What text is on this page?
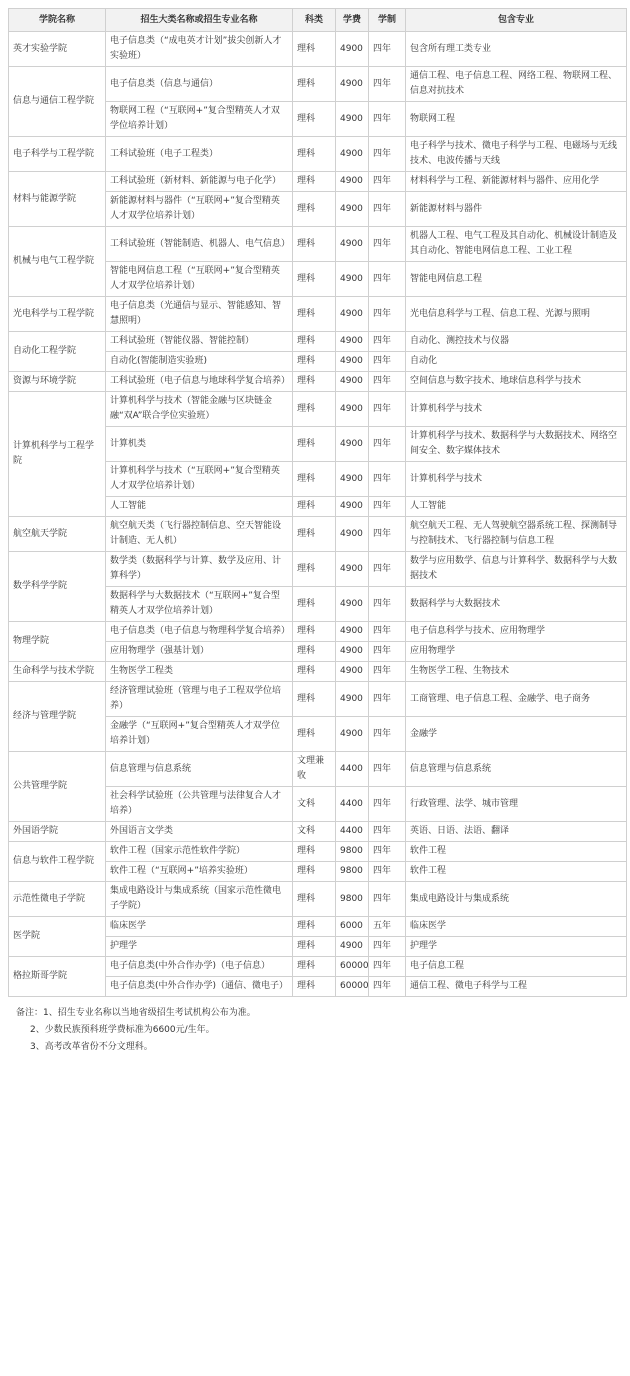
学院名称	招生大类名称或招生专业名称	科类	学费	学制	包含专业
英才实验学院	电子信息类（“成电英才计划”拔尖创新人才实验班）	理科	4900	四年	包含所有理工类专业
信息与通信工程学院	电子信息类（信息与通信）	理科	4900	四年	通信工程、电子信息工程、网络工程、物联网工程、信息对抗技术
	物联网工程（“互联网+”复合型精英人才双学位培养计划）	理科	4900	四年	物联网工程
电子科学与工程学院	工科试验班（电子工程类）	理科	4900	四年	电子科学与技术、微电子科学与工程、电磁场与无线技术、电波传播与天线
材料与能源学院	工科试验班（新材料、新能源与电子化学）	理科	4900	四年	材料科学与工程、新能源材料与器件、应用化学
	新能源材料与器件（“互联网+”复合型精英人才双学位培养计划）	理科	4900	四年	新能源材料与器件
机械与电气工程学院	工科试验班（智能制造、机器人、电气信息）	理科	4900	四年	机器人工程、电气工程及其自动化、机械设计制造及其自动化、智能电网信息工程、工业工程
	智能电网信息工程（“互联网+”复合型精英人才双学位培养计划）	理科	4900	四年	智能电网信息工程
光电科学与工程学院	电子信息类（光通信与显示、智能感知、智慧照明）	理科	4900	四年	光电信息科学与工程、信息工程、光源与照明
自动化工程学院	工科试验班（智能仪器、智能控制）	理科	4900	四年	自动化、测控技术与仪器
	自动化(智能制造实验班)	理科	4900	四年	自动化
资源与环境学院	工科试验班（电子信息与地球科学复合培养）	理科	4900	四年	空间信息与数字技术、地球信息科学与技术
计算机科学与工程学院	计算机科学与技术（智能金融与区块链金融“双A”联合学位实验班）	理科	4900	四年	计算机科学与技术
	计算机类	理科	4900	四年	计算机科学与技术、数据科学与大数据技术、网络空间安全、数字媒体技术
	计算机科学与技术（“互联网+”复合型精英人才双学位培养计划）	理科	4900	四年	计算机科学与技术
	人工智能	理科	4900	四年	人工智能
航空航天学院	航空航天类（飞行器控制信息、空天智能设计制造、无人机）	理科	4900	四年	航空航天工程、无人驾驶航空器系统工程、探测制导与控制技术、飞行器控制与信息工程
数学科学学院	数学类（数据科学与计算、数学及应用、计算科学）	理科	4900	四年	数学与应用数学、信息与计算科学、数据科学与大数据技术
	数据科学与大数据技术（“互联网+”复合型精英人才双学位培养计划）	理科	4900	四年	数据科学与大数据技术
物理学院	电子信息类（电子信息与物理科学复合培养）	理科	4900	四年	电子信息科学与技术、应用物理学
	应用物理学（强基计划）	理科	4900	四年	应用物理学
生命科学与技术学院	生物医学工程类	理科	4900	四年	生物医学工程、生物技术
经济与管理学院	经济管理试验班（管理与电子工程双学位培养）	理科	4900	四年	工商管理、电子信息工程、金融学、电子商务
	金融学（“互联网+”复合型精英人才双学位培养计划）	理科	4900	四年	金融学
公共管理学院	信息管理与信息系统	文理兼收	4400	四年	信息管理与信息系统
	社会科学试验班（公共管理与法律复合人才培养）	文科	4400	四年	行政管理、法学、城市管理
外国语学院	外国语言文学类	文科	4400	四年	英语、日语、法语、翻译
信息与软件工程学院	软件工程（国家示范性软件学院）	理科	9800	四年	软件工程
	软件工程（“互联网+”培养实验班）	理科	9800	四年	软件工程
示范性微电子学院	集成电路设计与集成系统（国家示范性微电子学院）	理科	9800	四年	集成电路设计与集成系统
医学院	临床医学	理科	6000	五年	临床医学
	护理学	理科	4900	四年	护理学
格拉斯哥学院	电子信息类(中外合作办学)（电子信息）	理科	60000	四年	电子信息工程
	电子信息类(中外合作办学)（通信、微电子）	理科	60000	四年	通信工程、微电子科学与工程
备注：1、招生专业名称以当地省级招生考试机构公布为准。
2、少数民族预科班学费标准为6600元/生年。
3、高考改革省份不分文理科。
